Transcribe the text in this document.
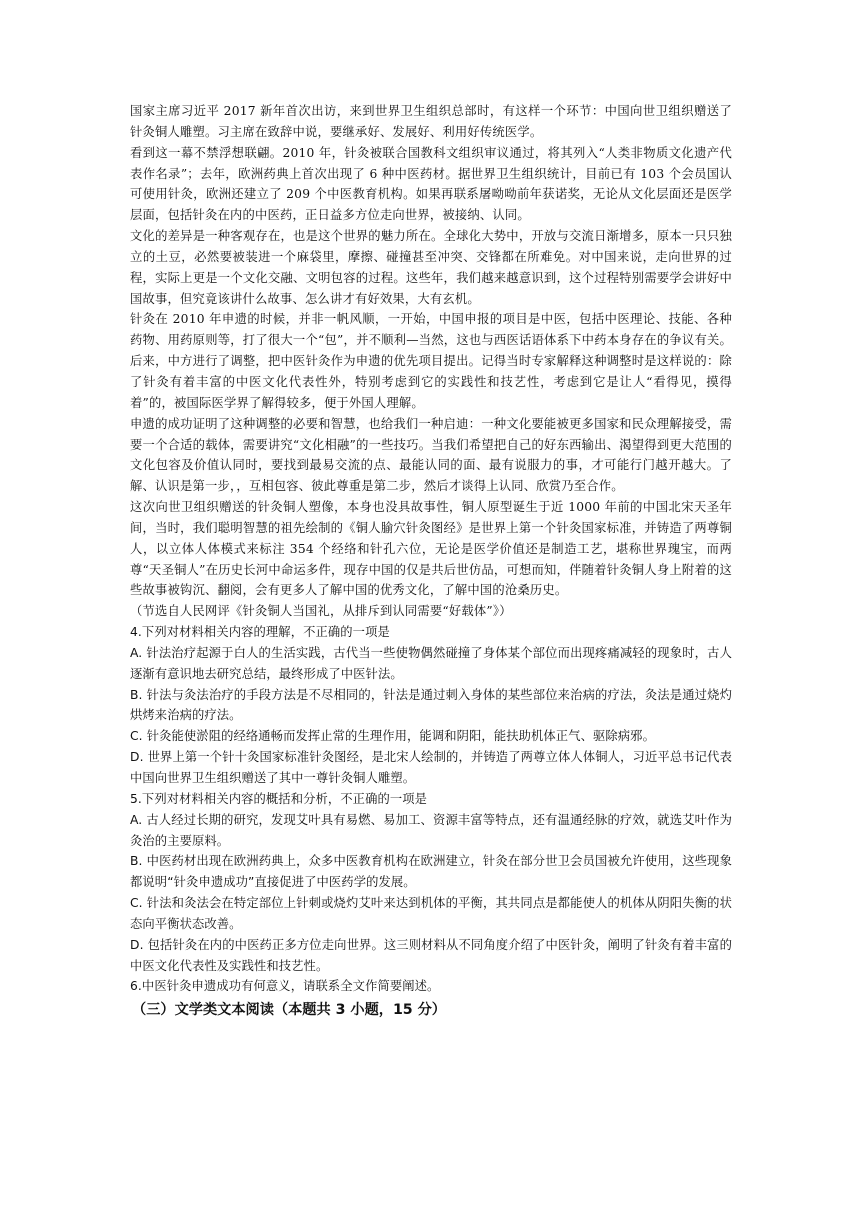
国家主席习近平 2017 新年首次出访，来到世界卫生组织总部时，有这样一个环节：中国向世卫组织赠送了针灸铜人雕塑。习主席在致辞中说，要继承好、发展好、利用好传统医学。

看到这一幕不禁浮想联翩。2010 年，针灸被联合国教科文组织审议通过，将其列入“人类非物质文化遗产代表作名录”；去年，欧洲药典上首次出现了 6 种中医药材。据世界卫生组织统计，目前已有 103 个会员国认可使用针灸，欧洲还建立了 209 个中医教育机构。如果再联系屠呦呦前年获诺奖，无论从文化层面还是医学层面，包括针灸在内的中医药，正日益多方位走向世界，被接纳、认同。

文化的差异是一种客观存在，也是这个世界的魅力所在。全球化大势中，开放与交流日渐增多，原本一只只独立的土豆，必然要被装进一个麻袋里，摩擦、碰撞甚至冲突、交锋都在所难免。对中国来说，走向世界的过程，实际上更是一个文化交融、文明包容的过程。这些年，我们越来越意识到，这个过程特别需要学会讲好中国故事，但究竟该讲什么故事、怎么讲才有好效果，大有玄机。

针灸在 2010 年申遗的时候，并非一帆风顺，一开始，中国申报的项目是中医，包括中医理论、技能、各种药物、用药原则等，打了很大一个“包”，并不顺利—当然，这也与西医话语体系下中药本身存在的争议有关。后来，中方进行了调整，把中医针灸作为申遗的优先项目提出。记得当时专家解释这种调整时是这样说的：除了针灸有着丰富的中医文化代表性外，特别考虑到它的实践性和技艺性，考虑到它是让人“看得见，摸得着”的，被国际医学界了解得较多，便于外国人理解。

申遗的成功证明了这种调整的必要和智慧，也给我们一种启迪：一种文化要能被更多国家和民众理解接受，需要一个合适的载体，需要讲究“文化相融”的一些技巧。当我们希望把自己的好东西输出、渴望得到更大范围的文化包容及价值认同时，要找到最易交流的点、最能认同的面、最有说服力的事，才可能行门越开越大。了解、认识是第一步，，互相包容、彼此尊重是第二步，然后才谈得上认同、欣赏乃至合作。

这次向世卫组织赠送的针灸铜人塑像，本身也没具故事性，铜人原型诞生于近 1000 年前的中国北宋天圣年间，当时，我们聪明智慧的祖先绘制的《铜人腧穴针灸图经》是世界上第一个针灸国家标准，并铸造了两尊铜人，以立体人体模式来标注 354 个经络和针孔六位，无论是医学价值还是制造工艺，堪称世界瑰宝，而两尊“天圣铜人”在历史长河中命运多件，现存中国的仅是共后世仿品，可想而知，伴随着针灸铜人身上附着的这些故事被钩沉、翻阅，会有更多人了解中国的优秀文化，了解中国的沧桑历史。

（节选自人民网评《针灸铜人当国礼，从排斥到认同需要“好载体”》）

4.下列对材料相关内容的理解，不正确的一项是

A. 针法治疗起源于白人的生活实践，古代当一些使物偶然碰撞了身体某个部位而出现疼痛减轻的现象时，古人逐渐有意识地去研究总结，最终形成了中医针法。

B. 针法与灸法治疗的手段方法是不尽相同的，针法是通过刺入身体的某些部位来治病的疗法，灸法是通过烧灼烘烤来治病的疗法。

C. 针灸能使淤阻的经络通畅而发挥止常的生理作用，能调和阴阳，能扶助机体正气、驱除病邪。

D. 世界上第一个针十灸国家标准针灸图经，是北宋人绘制的，并铸造了两尊立体人体铜人，习近平总书记代表中国向世界卫生组织赠送了其中一尊针灸铜人雕塑。

5.下列对材料相关内容的概括和分析，不正确的一项是

A. 古人经过长期的研究，发现艾叶具有易燃、易加工、资源丰富等特点，还有温通经脉的疗效，就选艾叶作为灸治的主要原料。

B. 中医药材出现在欧洲药典上，众多中医教育机构在欧洲建立，针灸在部分世卫会员国被允许使用，这些现象都说明“针灸申遗成功”直接促进了中医药学的发展。

C. 针法和灸法会在特定部位上针刺或烧灼艾叶来达到机体的平衡，其共同点是都能使人的机体从阴阳失衡的状态向平衡状态改善。

D. 包括针灸在内的中医药正多方位走向世界。这三则材料从不同角度介绍了中医针灸，阐明了针灸有着丰富的中医文化代表性及实践性和技艺性。

6.中医针灸申遗成功有何意义，请联系全文作简要阐述。

（三）文学类文本阅读（本题共 3 小题，15 分）
